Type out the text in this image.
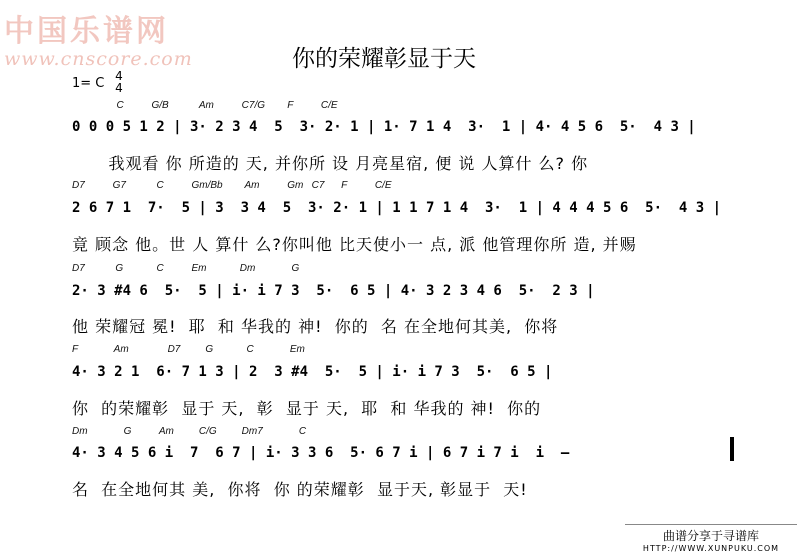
中国乐谱网
www.cnscore.com	你的荣耀彰显于天
1= C 4
4
C          G/B           Am          C7/G        F          C/E
0 0 0 5 1 2 | 3· 2 3 4  5  3· 2· 1 | 1· 7 1 4  3·  1 | 4· 4 5 6  5·  4 3 |
我观看 你 所造的 天, 并你所 设 月亮星宿, 便 说 人算什 么? 你
D7          G7           C          Gm/Bb        Am          Gm   C7      F          C/E
2 6 7 1  7·  5 | 3  3 4  5  3· 2· 1 | 1 1 7 1 4  3·  1 | 4 4 4 5 6  5·  4 3 |
竟 顾念 他。世 人 算什 么?你叫他 比天使小一 点, 派 他管理你所 造, 并赐
D7           G            C          Em            Dm             G
2· 3 #4 6  5·  5 | i· i 7 3  5·  6 5 | 4· 3 2 3 4 6  5·  2 3 |
他 荣耀冠 冕!  耶  和 华我的 神!  你的  名 在全地何其美,  你将
F             Am              D7         G            C             Em
4· 3 2 1  6· 7 1 3 | 2  3 #4  5·  5 | i· i 7 3  5·  6 5 |
你  的荣耀彰  显于 天,  彰  显于 天,  耶  和 华我的 神!  你的
Dm             G          Am         C/G         Dm7             C
4· 3 4 5 6 i  7  6 7 | i· 3 3 6  5· 6 7 i | 6 7 i 7 i  i  —
名  在全地何其 美,  你将  你 的荣耀彰  显于天, 彰显于  天!
曲谱分享于寻谱库
HTTP://WWW.XUNPUKU.COM
